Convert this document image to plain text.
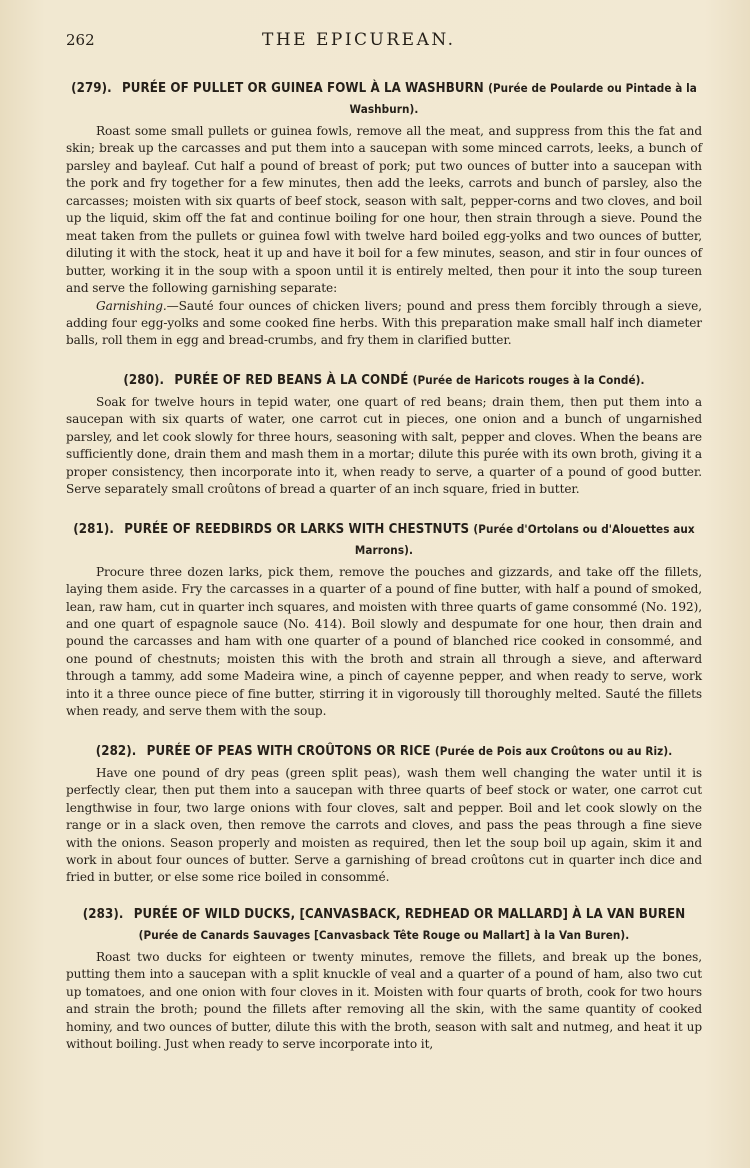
262	THE EPICUREAN.
(279). PURÉE OF PULLET OR GUINEA FOWL À LA WASHBURN (Purée de Poularde ou Pintade à la Washburn).

Roast some small pullets or guinea fowls, remove all the meat, and suppress from this the fat and skin; break up the carcasses and put them into a saucepan with some minced carrots, leeks, a bunch of parsley and bayleaf. Cut half a pound of breast of pork; put two ounces of butter into a saucepan with the pork and fry together for a few minutes, then add the leeks, carrots and bunch of parsley, also the carcasses; moisten with six quarts of beef stock, season with salt, pepper-corns and two cloves, and boil up the liquid, skim off the fat and continue boiling for one hour, then strain through a sieve. Pound the meat taken from the pullets or guinea fowl with twelve hard boiled egg-yolks and two ounces of butter, diluting it with the stock, heat it up and have it boil for a few minutes, season, and stir in four ounces of butter, working it in the soup with a spoon until it is entirely melted, then pour it into the soup tureen and serve the following garnishing separate:

Garnishing.—Sauté four ounces of chicken livers; pound and press them forcibly through a sieve, adding four egg-yolks and some cooked fine herbs. With this preparation make small half inch diameter balls, roll them in egg and bread-crumbs, and fry them in clarified butter.

(280). PURÉE OF RED BEANS À LA CONDÉ (Purée de Haricots rouges à la Condé).

Soak for twelve hours in tepid water, one quart of red beans; drain them, then put them into a saucepan with six quarts of water, one carrot cut in pieces, one onion and a bunch of ungarnished parsley, and let cook slowly for three hours, seasoning with salt, pepper and cloves. When the beans are sufficiently done, drain them and mash them in a mortar; dilute this purée with its own broth, giving it a proper consistency, then incorporate into it, when ready to serve, a quarter of a pound of good butter. Serve separately small croûtons of bread a quarter of an inch square, fried in butter.

(281). PURÉE OF REEDBIRDS OR LARKS WITH CHESTNUTS (Purée d'Ortolans ou d'Alouettes aux Marrons).

Procure three dozen larks, pick them, remove the pouches and gizzards, and take off the fillets, laying them aside. Fry the carcasses in a quarter of a pound of fine butter, with half a pound of smoked, lean, raw ham, cut in quarter inch squares, and moisten with three quarts of game consommé (No. 192), and one quart of espagnole sauce (No. 414). Boil slowly and despumate for one hour, then drain and pound the carcasses and ham with one quarter of a pound of blanched rice cooked in consommé, and one pound of chestnuts; moisten this with the broth and strain all through a sieve, and afterward through a tammy, add some Madeira wine, a pinch of cayenne pepper, and when ready to serve, work into it a three ounce piece of fine butter, stirring it in vigorously till thoroughly melted. Sauté the fillets when ready, and serve them with the soup.

(282). PURÉE OF PEAS WITH CROÛTONS OR RICE (Purée de Pois aux Croûtons ou au Riz).

Have one pound of dry peas (green split peas), wash them well changing the water until it is perfectly clear, then put them into a saucepan with three quarts of beef stock or water, one carrot cut lengthwise in four, two large onions with four cloves, salt and pepper. Boil and let cook slowly on the range or in a slack oven, then remove the carrots and cloves, and pass the peas through a fine sieve with the onions. Season properly and moisten as required, then let the soup boil up again, skim it and work in about four ounces of butter. Serve a garnishing of bread croûtons cut in quarter inch dice and fried in butter, or else some rice boiled in consommé.

(283). PURÉE OF WILD DUCKS, [CANVASBACK, REDHEAD OR MALLARD] À LA VAN BUREN
(Purée de Canards Sauvages [Canvasback Tête Rouge ou Mallart] à la Van Buren).

Roast two ducks for eighteen or twenty minutes, remove the fillets, and break up the bones, putting them into a saucepan with a split knuckle of veal and a quarter of a pound of ham, also two cut up tomatoes, and one onion with four cloves in it. Moisten with four quarts of broth, cook for two hours and strain the broth; pound the fillets after removing all the skin, with the same quantity of cooked hominy, and two ounces of butter, dilute this with the broth, season with salt and nutmeg, and heat it up without boiling. Just when ready to serve incorporate into it,
